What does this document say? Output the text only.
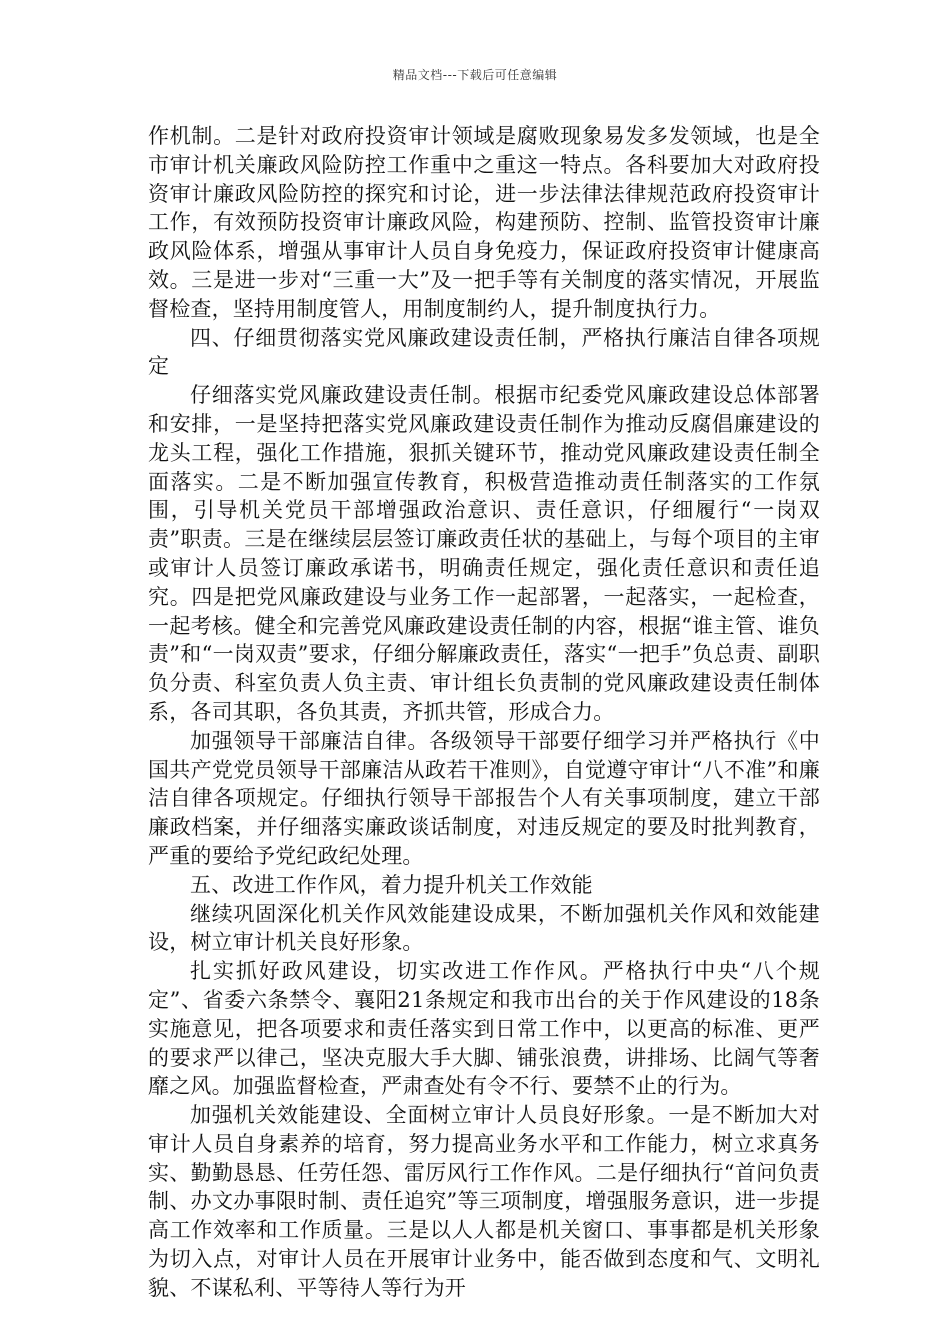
精品文档---下载后可任意编辑

作机制。二是针对政府投资审计领域是腐败现象易发多发领域，也是全市审计机关廉政风险防控工作重中之重这一特点。各科要加大对政府投资审计廉政风险防控的探究和讨论，进一步法律法律规范政府投资审计工作，有效预防投资审计廉政风险，构建预防、控制、监管投资审计廉政风险体系，增强从事审计人员自身免疫力，保证政府投资审计健康高效。三是进一步对“三重一大”及一把手等有关制度的落实情况，开展监督检查，坚持用制度管人，用制度制约人，提升制度执行力。

四、仔细贯彻落实党风廉政建设责任制，严格执行廉洁自律各项规定

仔细落实党风廉政建设责任制。根据市纪委党风廉政建设总体部署和安排，一是坚持把落实党风廉政建设责任制作为推动反腐倡廉建设的龙头工程，强化工作措施，狠抓关键环节，推动党风廉政建设责任制全面落实。二是不断加强宣传教育，积极营造推动责任制落实的工作氛围，引导机关党员干部增强政治意识、责任意识，仔细履行“一岗双责”职责。三是在继续层层签订廉政责任状的基础上，与每个项目的主审或审计人员签订廉政承诺书，明确责任规定，强化责任意识和责任追究。四是把党风廉政建设与业务工作一起部署，一起落实，一起检查，一起考核。健全和完善党风廉政建设责任制的内容，根据“谁主管、谁负责”和“一岗双责”要求，仔细分解廉政责任，落实“一把手”负总责、副职负分责、科室负责人负主责、审计组长负责制的党风廉政建设责任制体系，各司其职，各负其责，齐抓共管，形成合力。

加强领导干部廉洁自律。各级领导干部要仔细学习并严格执行《中国共产党党员领导干部廉洁从政若干准则》，自觉遵守审计“八不准”和廉洁自律各项规定。仔细执行领导干部报告个人有关事项制度，建立干部廉政档案，并仔细落实廉政谈话制度，对违反规定的要及时批判教育，严重的要给予党纪政纪处理。

五、改进工作作风，着力提升机关工作效能

继续巩固深化机关作风效能建设成果，不断加强机关作风和效能建设，树立审计机关良好形象。

扎实抓好政风建设，切实改进工作作风。严格执行中央“八个规定”、省委六条禁令、襄阳21条规定和我市出台的关于作风建设的18条实施意见，把各项要求和责任落实到日常工作中，以更高的标准、更严的要求严以律己，坚决克服大手大脚、铺张浪费，讲排场、比阔气等奢靡之风。加强监督检查，严肃查处有令不行、要禁不止的行为。

加强机关效能建设、全面树立审计人员良好形象。一是不断加大对审计人员自身素养的培育，努力提高业务水平和工作能力，树立求真务实、勤勤恳恳、任劳任怨、雷厉风行工作作风。二是仔细执行“首问负责制、办文办事限时制、责任追究”等三项制度，增强服务意识，进一步提高工作效率和工作质量。三是以人人都是机关窗口、事事都是机关形象为切入点，对审计人员在开展审计业务中，能否做到态度和气、文明礼貌、不谋私利、平等待人等行为开
